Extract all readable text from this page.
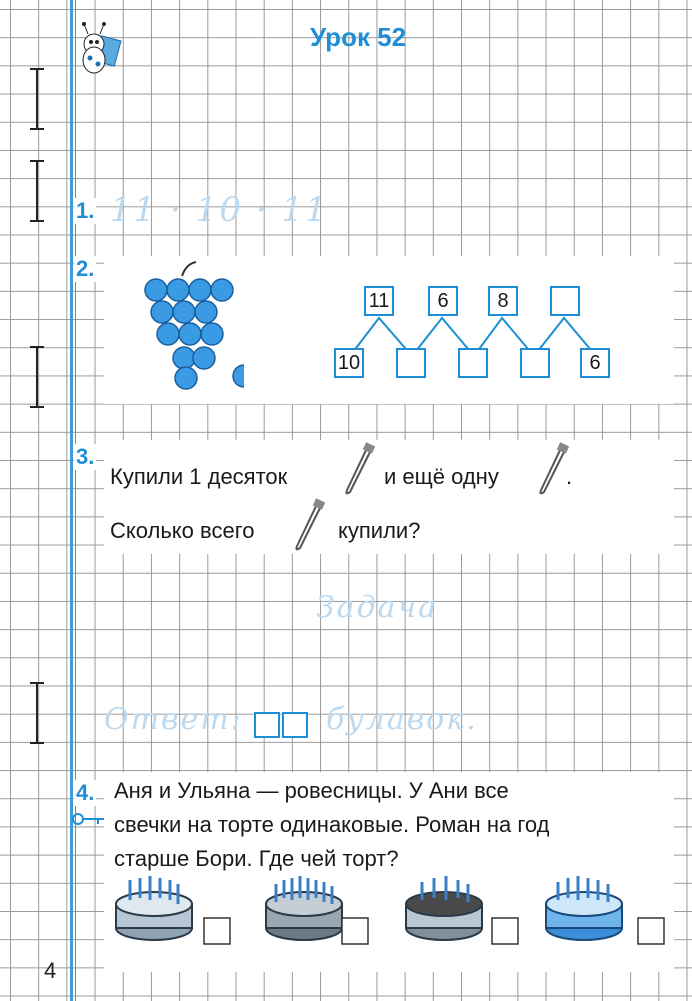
Урок 52
1. 11 · 10 · 11
2.
11	6	8
10	6
3.
Купили 1 десяток	и ещё одну	.
Сколько всего	купили?
Задача
Ответ:	булавок.
4. Аня и Ульяна — ровесницы. У Ани все
свечки на торте одинаковые. Роман на год
старше Бори. Где чей торт?
4
